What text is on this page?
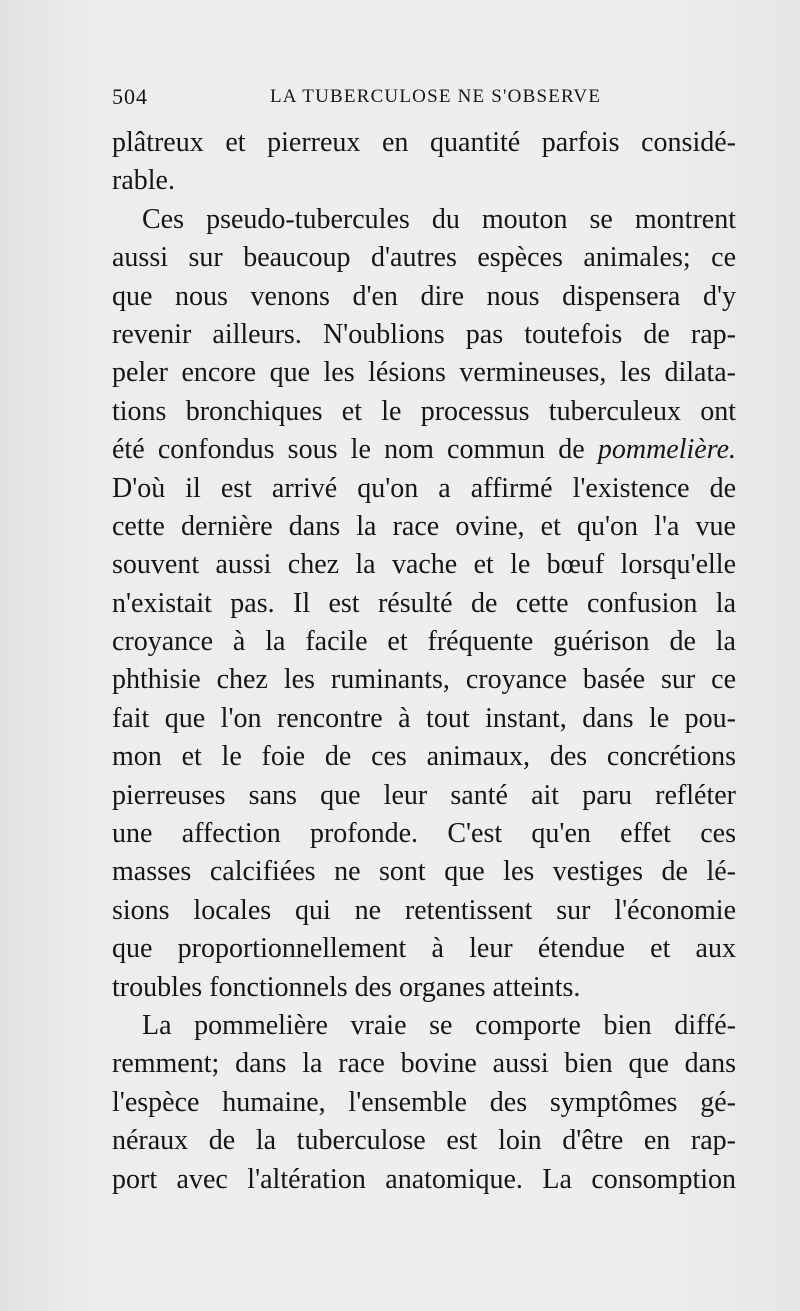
504	LA TUBERCULOSE NE S'OBSERVE
plâtreux et pierreux en quantité parfois considé-
rable.
Ces pseudo-tubercules du mouton se montrent
aussi sur beaucoup d'autres espèces animales; ce
que nous venons d'en dire nous dispensera d'y
revenir ailleurs. N'oublions pas toutefois de rap-
peler encore que les lésions vermineuses, les dilata-
tions bronchiques et le processus tuberculeux ont
été confondus sous le nom commun de pommelière.
D'où il est arrivé qu'on a affirmé l'existence de
cette dernière dans la race ovine, et qu'on l'a vue
souvent aussi chez la vache et le bœuf lorsqu'elle
n'existait pas. Il est résulté de cette confusion la
croyance à la facile et fréquente guérison de la
phthisie chez les ruminants, croyance basée sur ce
fait que l'on rencontre à tout instant, dans le pou-
mon et le foie de ces animaux, des concrétions
pierreuses sans que leur santé ait paru refléter
une affection profonde. C'est qu'en effet ces
masses calcifiées ne sont que les vestiges de lé-
sions locales qui ne retentissent sur l'économie
que proportionnellement à leur étendue et aux
troubles fonctionnels des organes atteints.
La pommelière vraie se comporte bien diffé-
remment; dans la race bovine aussi bien que dans
l'espèce humaine, l'ensemble des symptômes gé-
néraux de la tuberculose est loin d'être en rap-
port avec l'altération anatomique. La consomption
